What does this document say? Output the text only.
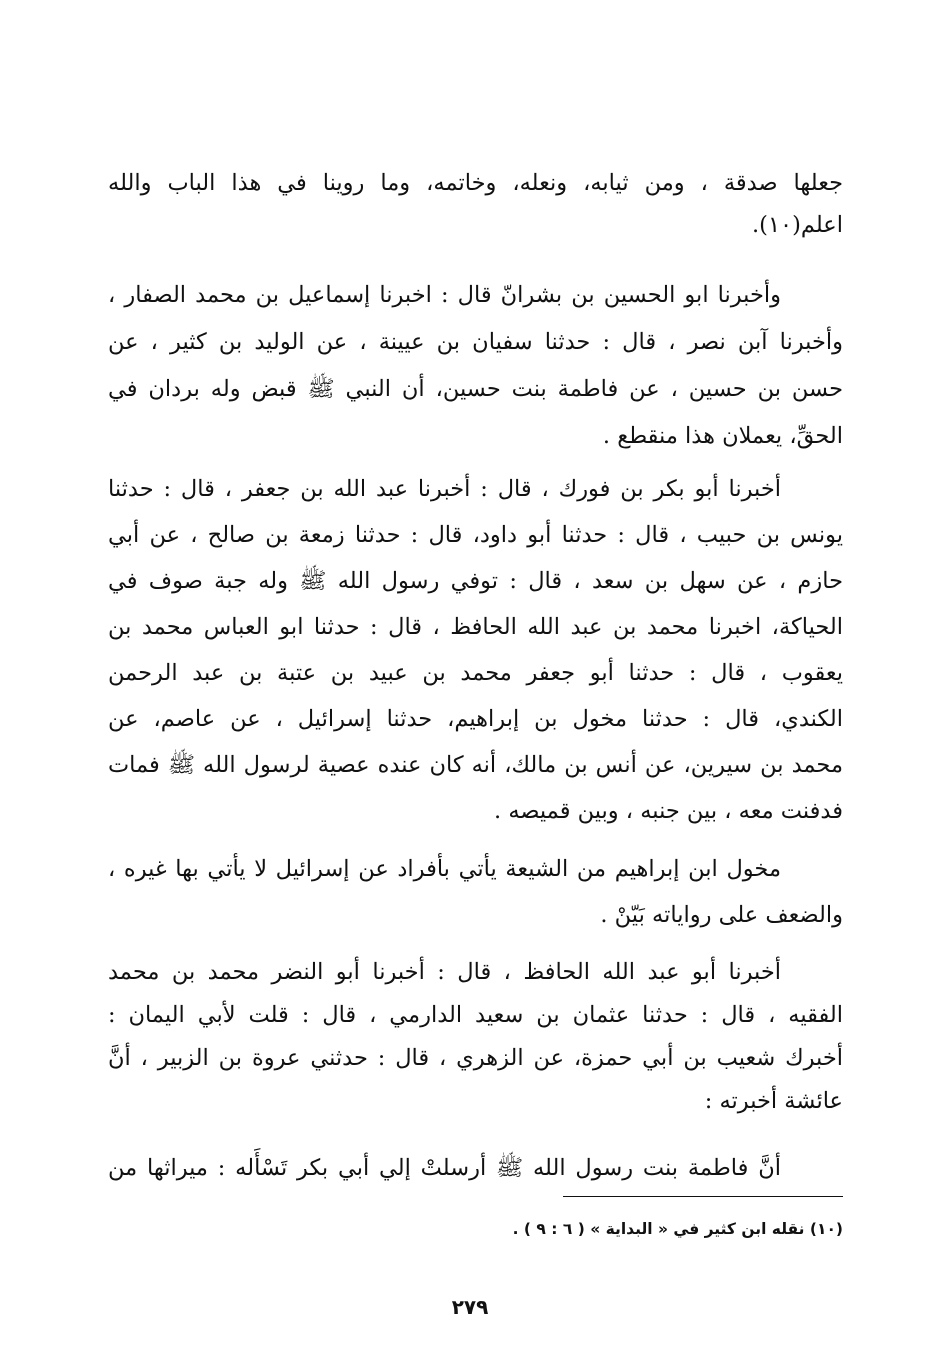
جعلها صدقة ، ومن ثيابه، ونعله، وخاتمه، وما روينا في هذا الباب والله
اعلم(١٠).
وأخبرنا ابو الحسين بن بشرانّ قال : اخبرنا إسماعيل بن محمد الصفار ،
وأخبرنا آبن نصر ، قال : حدثنا سفيان بن عيينة ، عن الوليد بن كثير ، عن
حسن بن حسين ، عن فاطمة بنت حسين، أن النبي ﷺ قبض وله بردان في
الحقِّ، يعملان هذا منقطع .
أخبرنا أبو بكر بن فورك ، قال : أخبرنا عبد الله بن جعفر ، قال : حدثنا
يونس بن حبيب ، قال : حدثنا أبو داود، قال : حدثنا زمعة بن صالح ، عن أبي
حازم ، عن سهل بن سعد ، قال : توفي رسول الله ﷺ وله جبة صوف في
الحياكة، اخبرنا محمد بن عبد الله الحافظ ، قال : حدثنا ابو العباس محمد بن
يعقوب ، قال : حدثنا أبو جعفر محمد بن عبيد بن عتبة بن عبد الرحمن
الكندي، قال : حدثنا مخول بن إبراهيم، حدثنا إسرائيل ، عن عاصم، عن
محمد بن سيرين، عن أنس بن مالك، أنه كان عنده عصية لرسول الله ﷺ فمات
فدفنت معه ، بين جنبه ، وبين قميصه .
مخول ابن إبراهيم من الشيعة يأتي بأفراد عن إسرائيل لا يأتي بها غيره ،
والضعف على رواياته بَيّنْ .
أخبرنا أبو عبد الله الحافظ ، قال : أخبرنا أبو النضر محمد بن محمد
الفقيه ، قال : حدثنا عثمان بن سعيد الدارمي ، قال : قلت لأبي اليمان :
أخبرك شعيب بن أبي حمزة، عن الزهري ، قال : حدثني عروة بن الزبير ، أنَّ
عائشة أخبرته :
أنَّ فاطمة بنت رسول الله ﷺ أرسلتْ إلي أبي بكر تَسْأَله : ميراثها من
(١٠) نقله ابن كثير في « البداية » ( ٦ : ٩ ) .
٢٧٩
